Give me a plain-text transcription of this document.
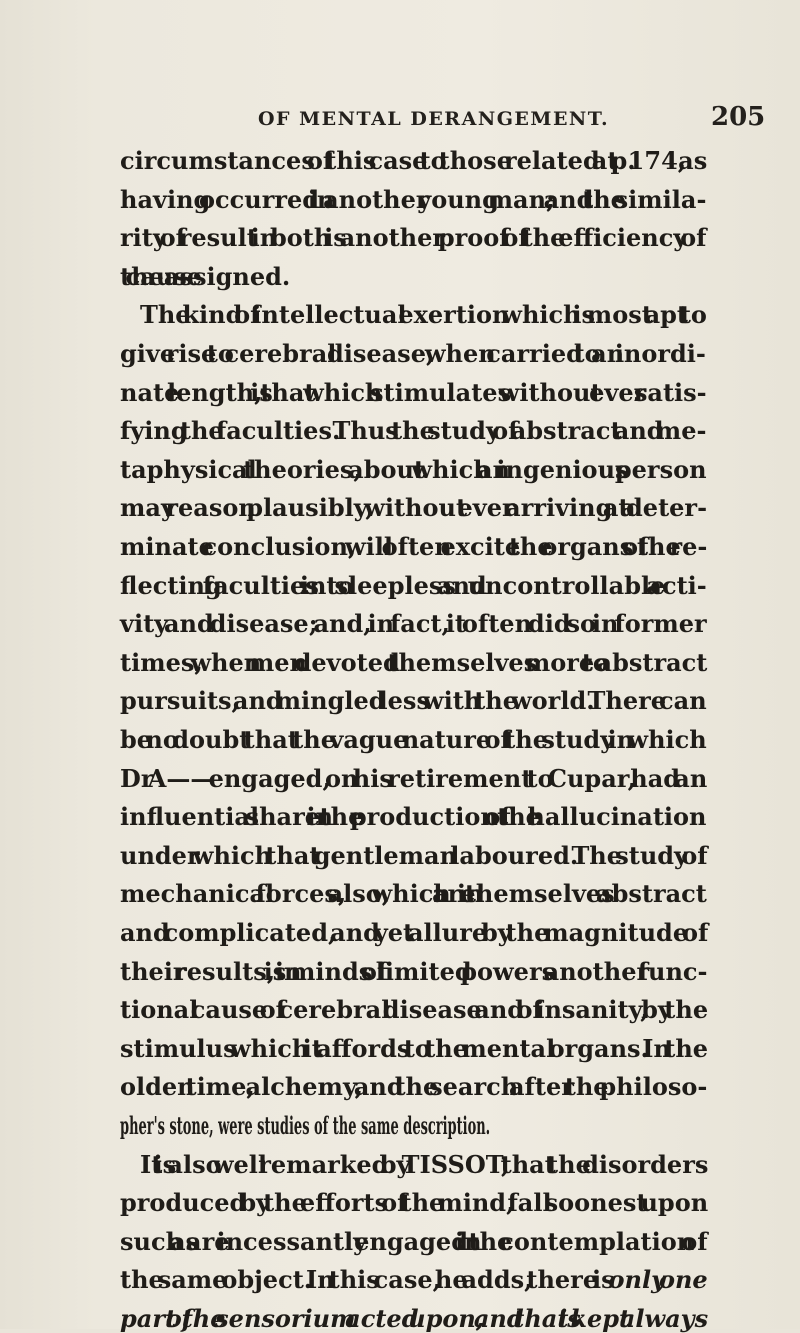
OF MENTAL DERANGEMENT.	205
circumstances of this case to those related at p. 174, as
having occurred in another young man; and the simila-
rity of result in both is another proof of the efficiency of
the cause assigned.
The kind of intellectual exertion which is most apt to
give rise to cerebral disease, when carried to an inordi-
nate length, is that which stimulates without ever satis-
fying the faculties. Thus the study of abstract and me-
taphysical theories, about which an ingenious person
may reason plausibly, without ever arriving at a deter-
minate conclusion, will often excite the organs of the re-
flecting faculties into sleepless and uncontrollable acti-
vity and disease; and, in fact, it often did so in former
times, when men devoted themselves more to abstract
pursuits, and mingled less with the world. There can
be no doubt that the vague nature of the study in which
Dr A—— engaged, on his retirement to Cupar, had an
influential share in the production of the hallucination
under which that gentleman laboured. The study of
mechanical forces, also, which are in themselves abstract
and complicated, and yet allure by the magnitude of
their results, is in minds of limited powers another func-
tional cause of cerebral disease and of insanity, by the
stimulus which it affords to the mental organs. In the
olden time, alchemy, and the search after the philoso-
pher's stone, were studies of the same description.
It is also well remarked by TISSOT, that the disorders
produced by the efforts of the mind, fall soonest upon
such as are incessantly engaged in the contemplation of
the same object. In this case, he adds, there is only one
part of the sensorium acted upon, and that is kept always
